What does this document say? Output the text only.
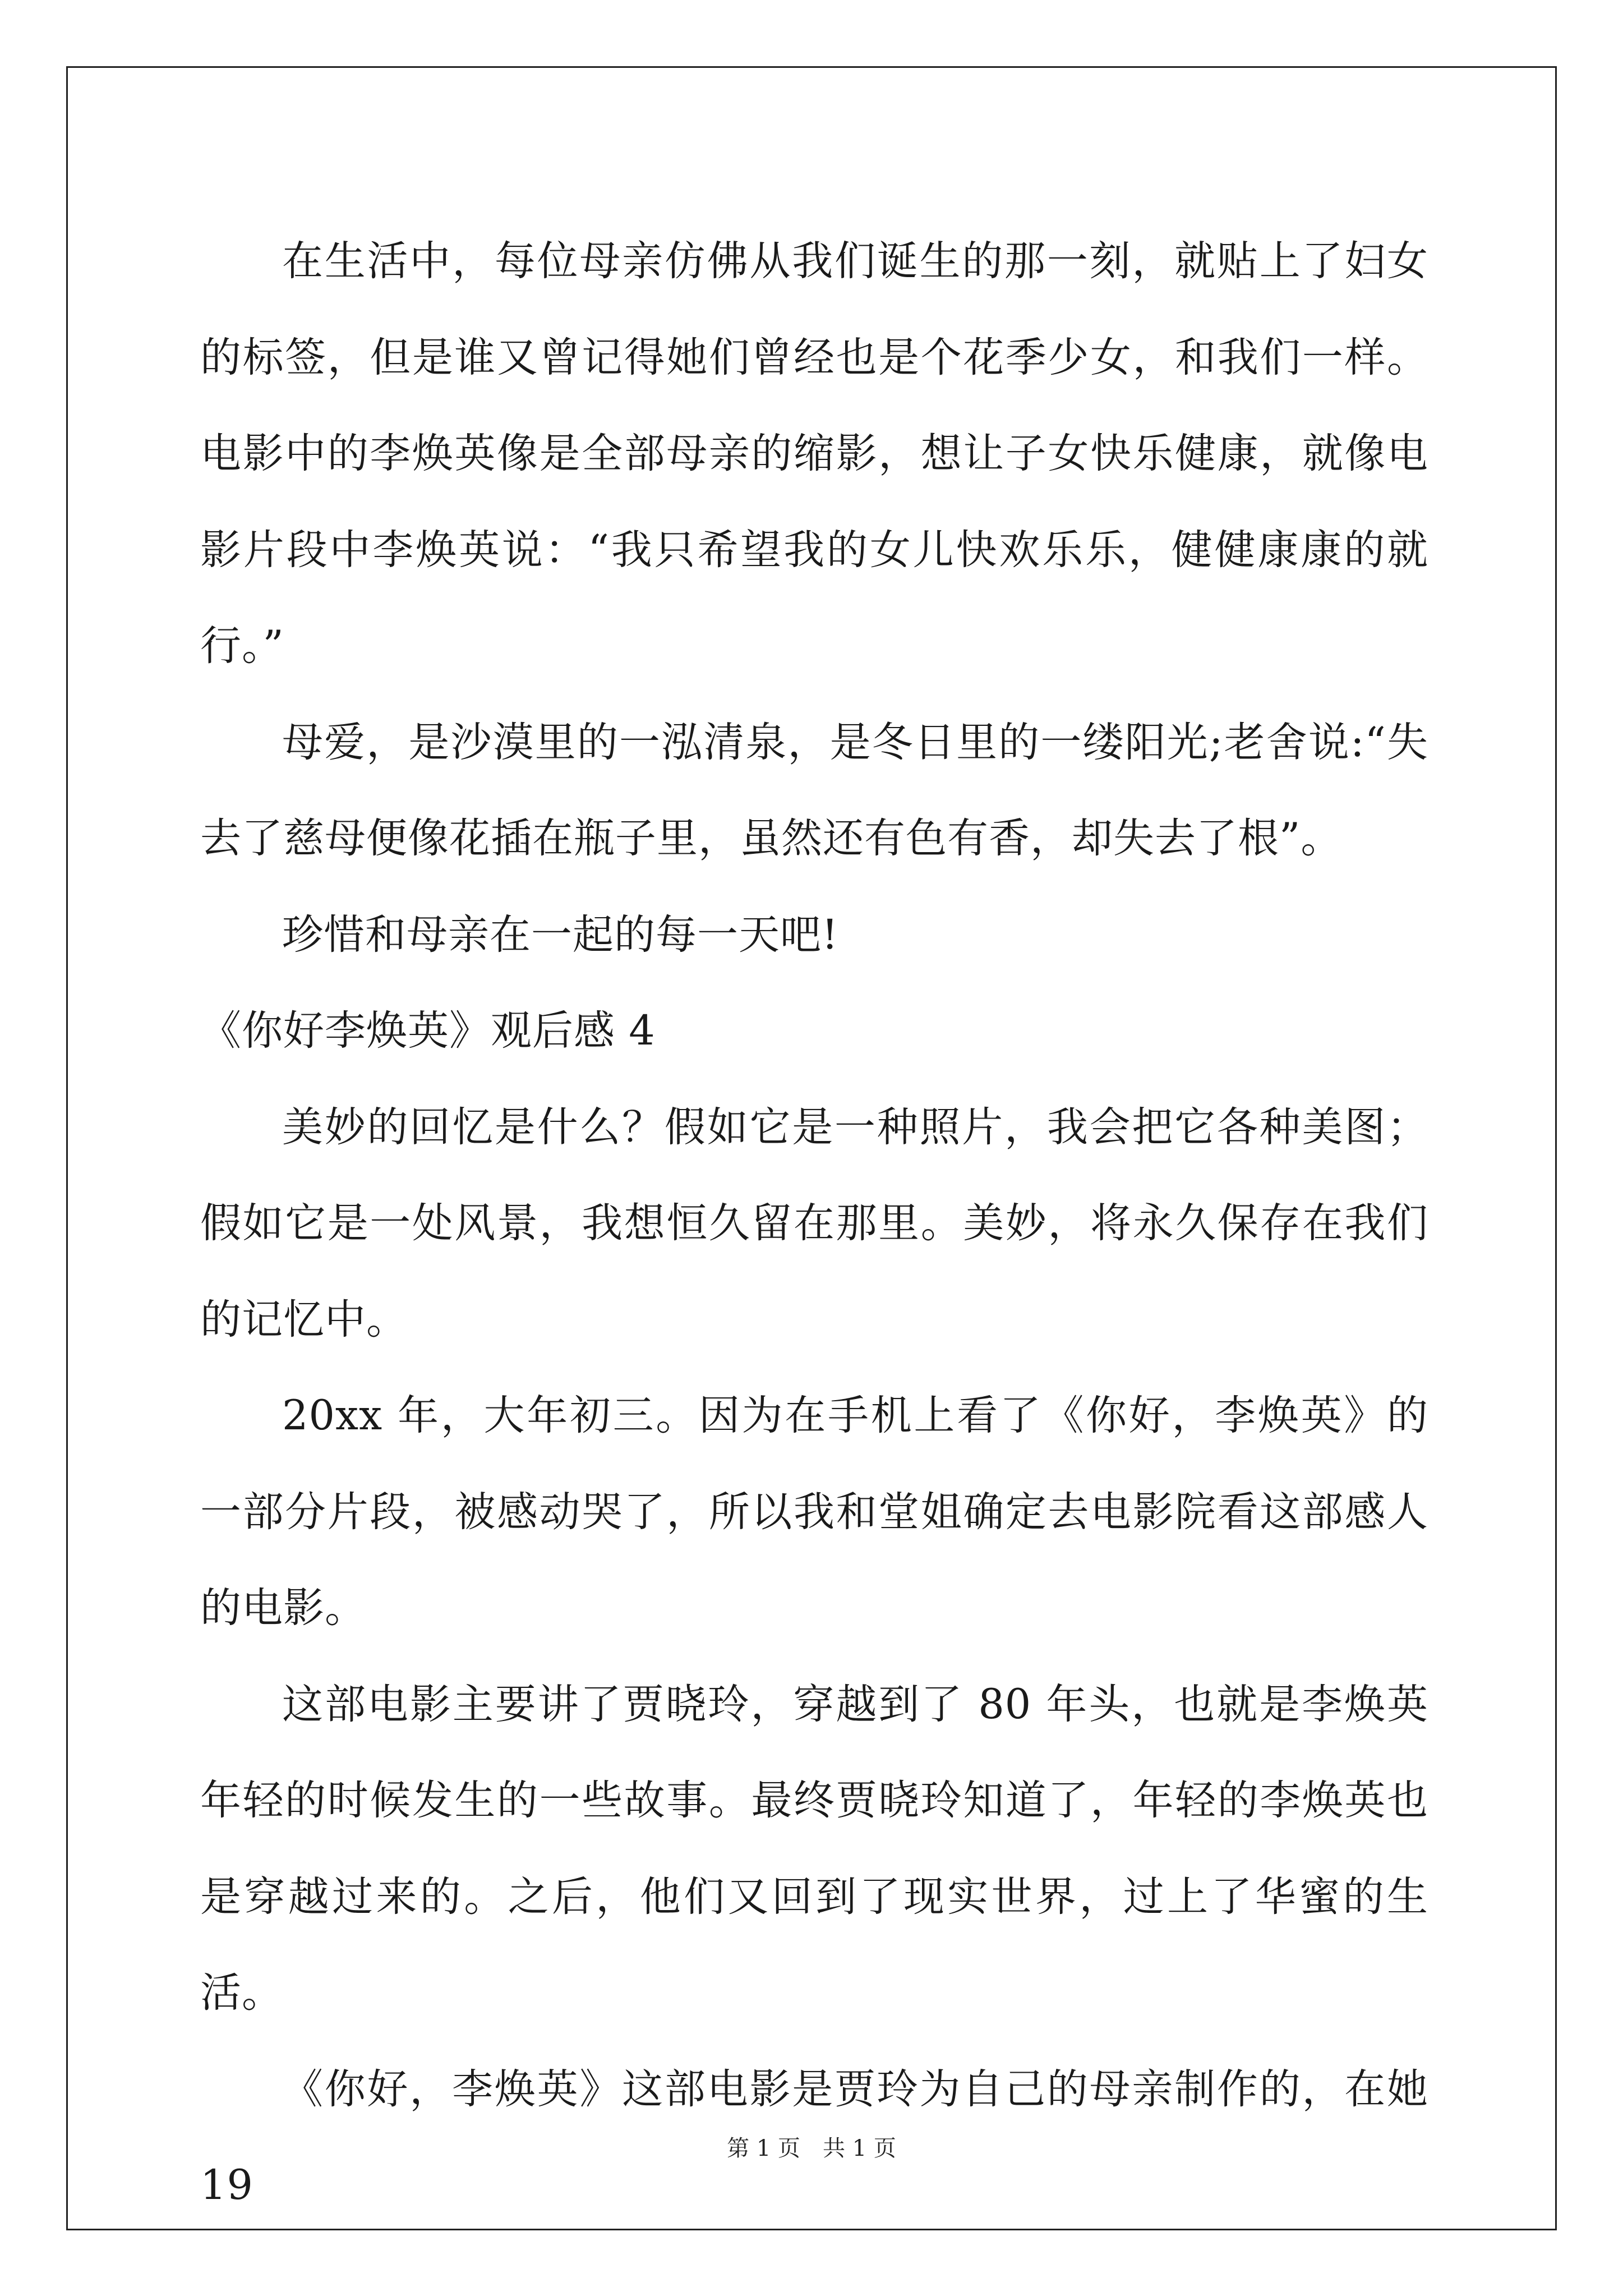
在生活中，每位母亲仿佛从我们诞生的那一刻，就贴上了妇女的标签，但是谁又曾记得她们曾经也是个花季少女，和我们一样。电影中的李焕英像是全部母亲的缩影，想让子女快乐健康，就像电影片段中李焕英说：“我只希望我的女儿快欢乐乐，健健康康的就行。”

母爱，是沙漠里的一泓清泉，是冬日里的一缕阳光;老舍说:“失去了慈母便像花插在瓶子里，虽然还有色有香，却失去了根”。

珍惜和母亲在一起的每一天吧!

《你好李焕英》观后感 4

美妙的回忆是什么？假如它是一种照片，我会把它各种美图；假如它是一处风景，我想恒久留在那里。美妙，将永久保存在我们的记忆中。

20xx 年，大年初三。因为在手机上看了《你好，李焕英》的一部分片段，被感动哭了，所以我和堂姐确定去电影院看这部感人的电影。

这部电影主要讲了贾晓玲，穿越到了 80 年头，也就是李焕英年轻的时候发生的一些故事。最终贾晓玲知道了，年轻的李焕英也是穿越过来的。之后，他们又回到了现实世界，过上了华蜜的生活。

《你好，李焕英》这部电影是贾玲为自己的母亲制作的，在她 19

第 1 页　共 1 页
